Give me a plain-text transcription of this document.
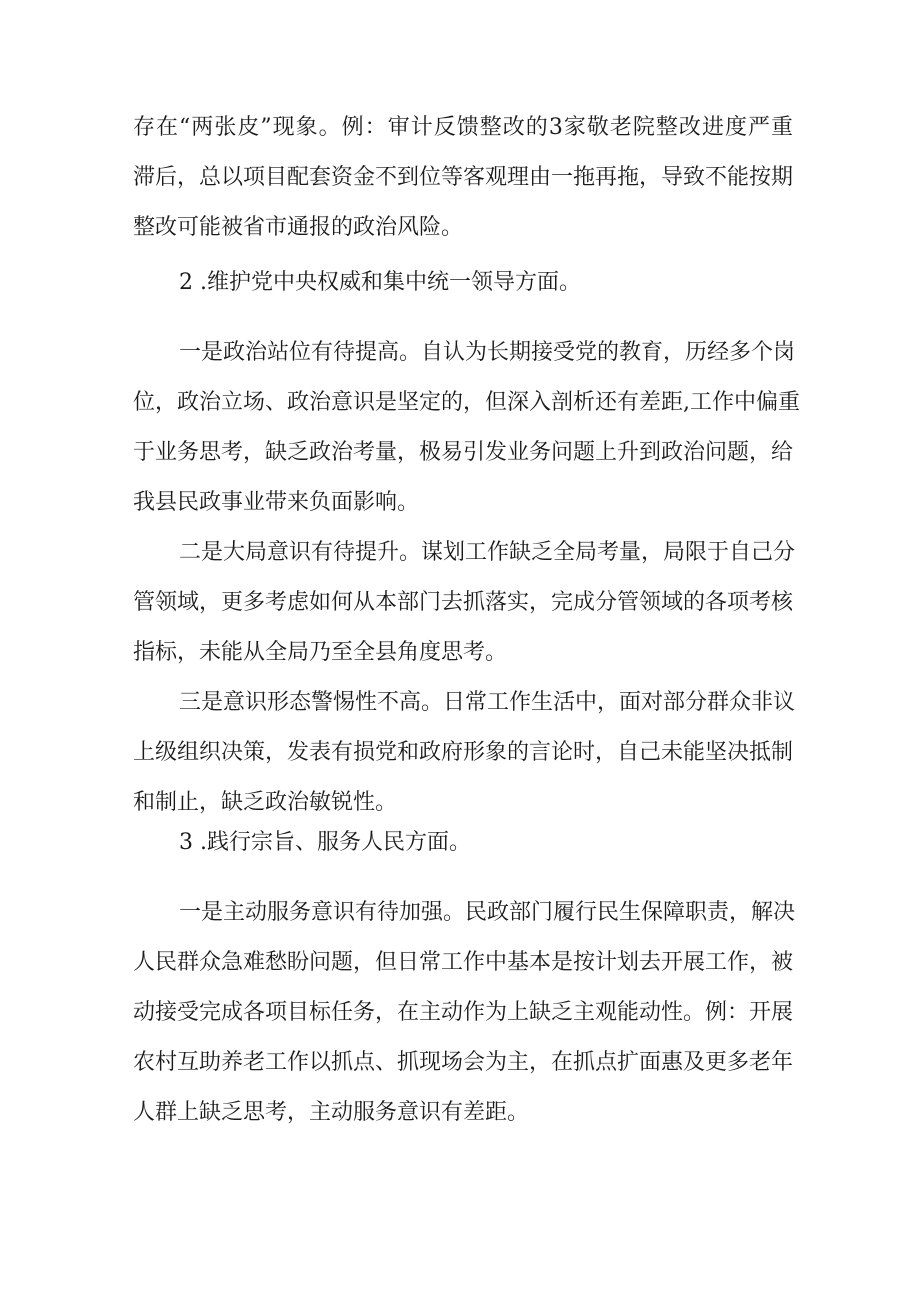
存在“两张皮”现象。例：审计反馈整改的3家敬老院整改进度严重
滞后，总以项目配套资金不到位等客观理由一拖再拖，导致不能按期
整改可能被省市通报的政治风险。
2 .维护党中央权威和集中统一领导方面。
一是政治站位有待提高。自认为长期接受党的教育，历经多个岗
位，政治立场、政治意识是坚定的，但深入剖析还有差距,工作中偏重
于业务思考，缺乏政治考量，极易引发业务问题上升到政治问题，给
我县民政事业带来负面影响。
二是大局意识有待提升。谋划工作缺乏全局考量，局限于自己分
管领域，更多考虑如何从本部门去抓落实，完成分管领域的各项考核
指标，未能从全局乃至全县角度思考。
三是意识形态警惕性不高。日常工作生活中，面对部分群众非议
上级组织决策，发表有损党和政府形象的言论时，自己未能坚决抵制
和制止，缺乏政治敏锐性。
3 .践行宗旨、服务人民方面。
一是主动服务意识有待加强。民政部门履行民生保障职责，解决
人民群众急难愁盼问题，但日常工作中基本是按计划去开展工作，被
动接受完成各项目标任务，在主动作为上缺乏主观能动性。例：开展
农村互助养老工作以抓点、抓现场会为主，在抓点扩面惠及更多老年
人群上缺乏思考，主动服务意识有差距。
